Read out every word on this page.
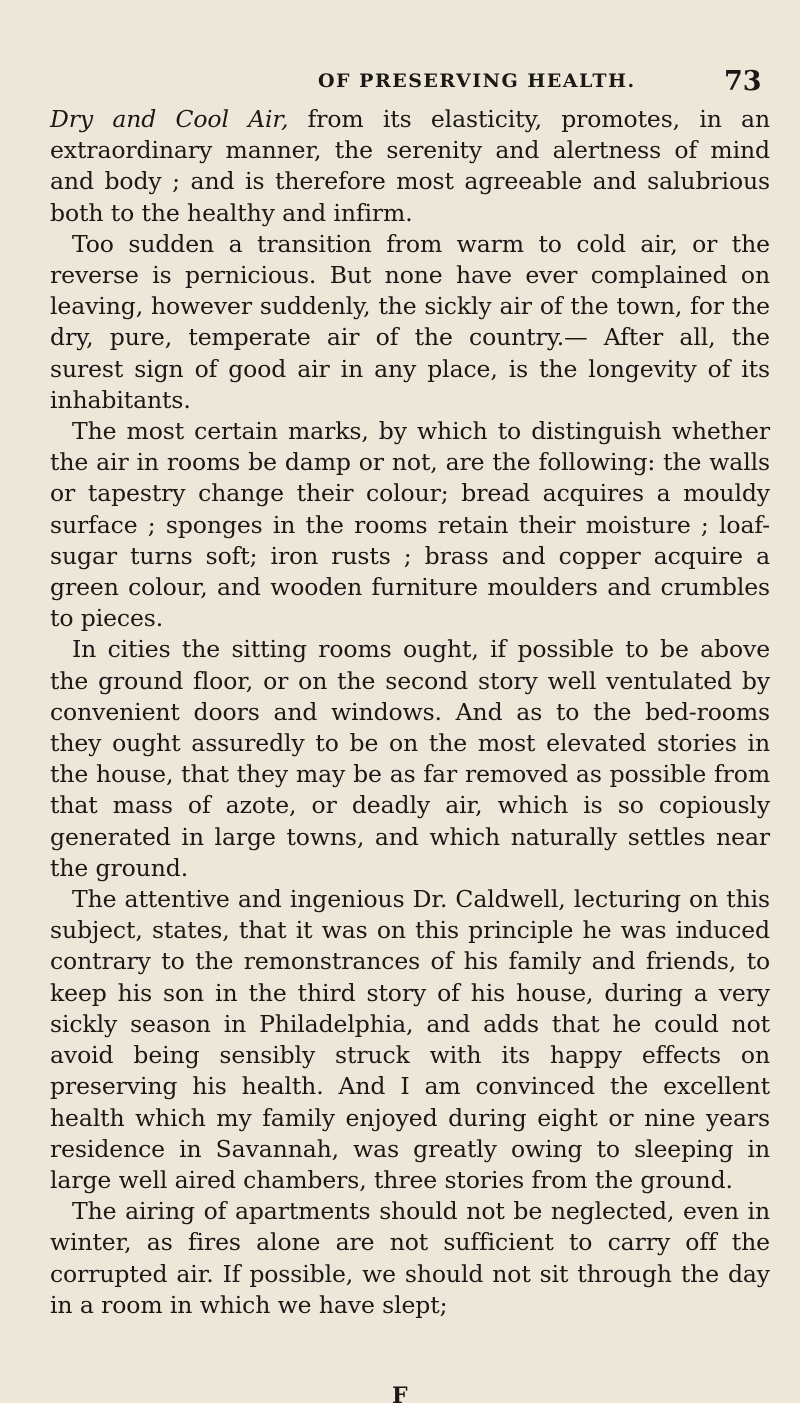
OF PRESERVING HEALTH.	73

Dry and Cool Air, from its elasticity, promotes, in an extraordinary manner, the serenity and alertness of mind and body ; and is therefore most agreeable and salubrious both to the healthy and infirm.

Too sudden a transition from warm to cold air, or the reverse is pernicious. But none have ever complained on leaving, however suddenly, the sickly air of the town, for the dry, pure, temperate air of the country.— After all, the surest sign of good air in any place, is the longevity of its inhabitants.

The most certain marks, by which to distinguish whether the air in rooms be damp or not, are the following: the walls or tapestry change their colour; bread acquires a mouldy surface ; sponges in the rooms retain their moisture ; loaf-sugar turns soft; iron rusts ; brass and copper acquire a green colour, and wooden furniture moulders and crumbles to pieces.

In cities the sitting rooms ought, if possible to be above the ground floor, or on the second story well ventulated by convenient doors and windows. And as to the bed-rooms they ought assuredly to be on the most elevated stories in the house, that they may be as far removed as possible from that mass of azote, or deadly air, which is so copiously generated in large towns, and which naturally settles near the ground.

The attentive and ingenious Dr. Caldwell, lecturing on this subject, states, that it was on this principle he was induced contrary to the remonstrances of his family and friends, to keep his son in the third story of his house, during a very sickly season in Philadelphia, and adds that he could not avoid being sensibly struck with its happy effects on preserving his health. And I am convinced the excellent health which my family enjoyed during eight or nine years residence in Savannah, was greatly owing to sleeping in large well aired chambers, three stories from the ground.

The airing of apartments should not be neglected, even in winter, as fires alone are not sufficient to carry off the corrupted air. If possible, we should not sit through the day in a room in which we have slept;

F
